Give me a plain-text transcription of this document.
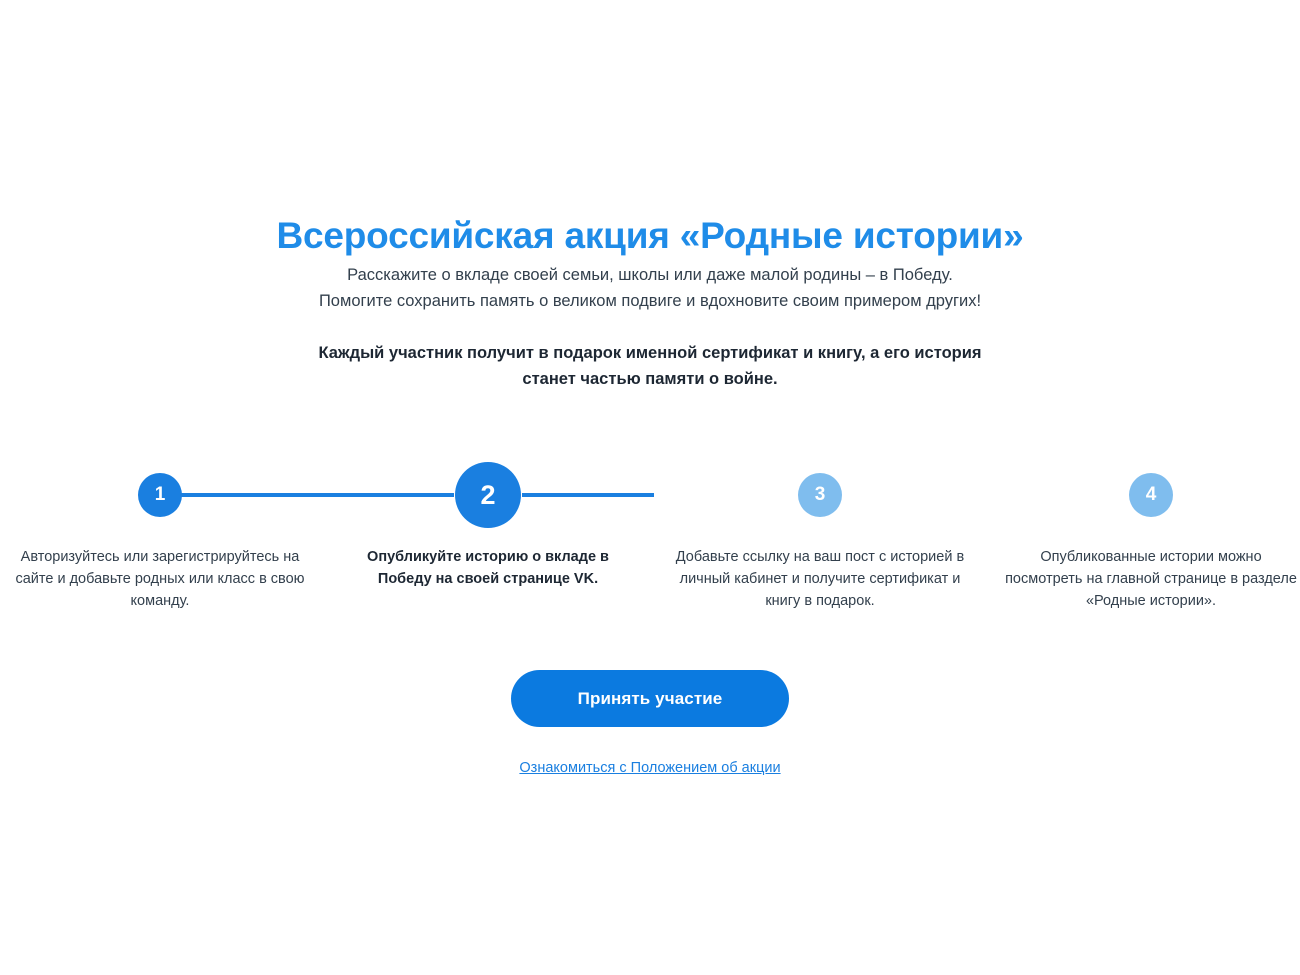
Всероссийская акция «Родные истории»
Расскажите о вкладе своей семьи, школы или даже малой родины – в Победу.
Помогите сохранить память о великом подвиге и вдохновите своим примером других!
Каждый участник получит в подарок именной сертификат и книгу, а его история
станет частью памяти о войне.
1
Авторизуйтесь или зарегистрируйтесь на сайте и добавьте родных или класс в свою команду.
2
Опубликуйте историю о вкладе в Победу на своей странице VK.
3
Добавьте ссылку на ваш пост с историей в личный кабинет и получите сертификат и книгу в подарок.
4
Опубликованные истории можно посмотреть на главной странице в разделе «Родные истории».
Принять участие
Ознакомиться с Положением об акции
